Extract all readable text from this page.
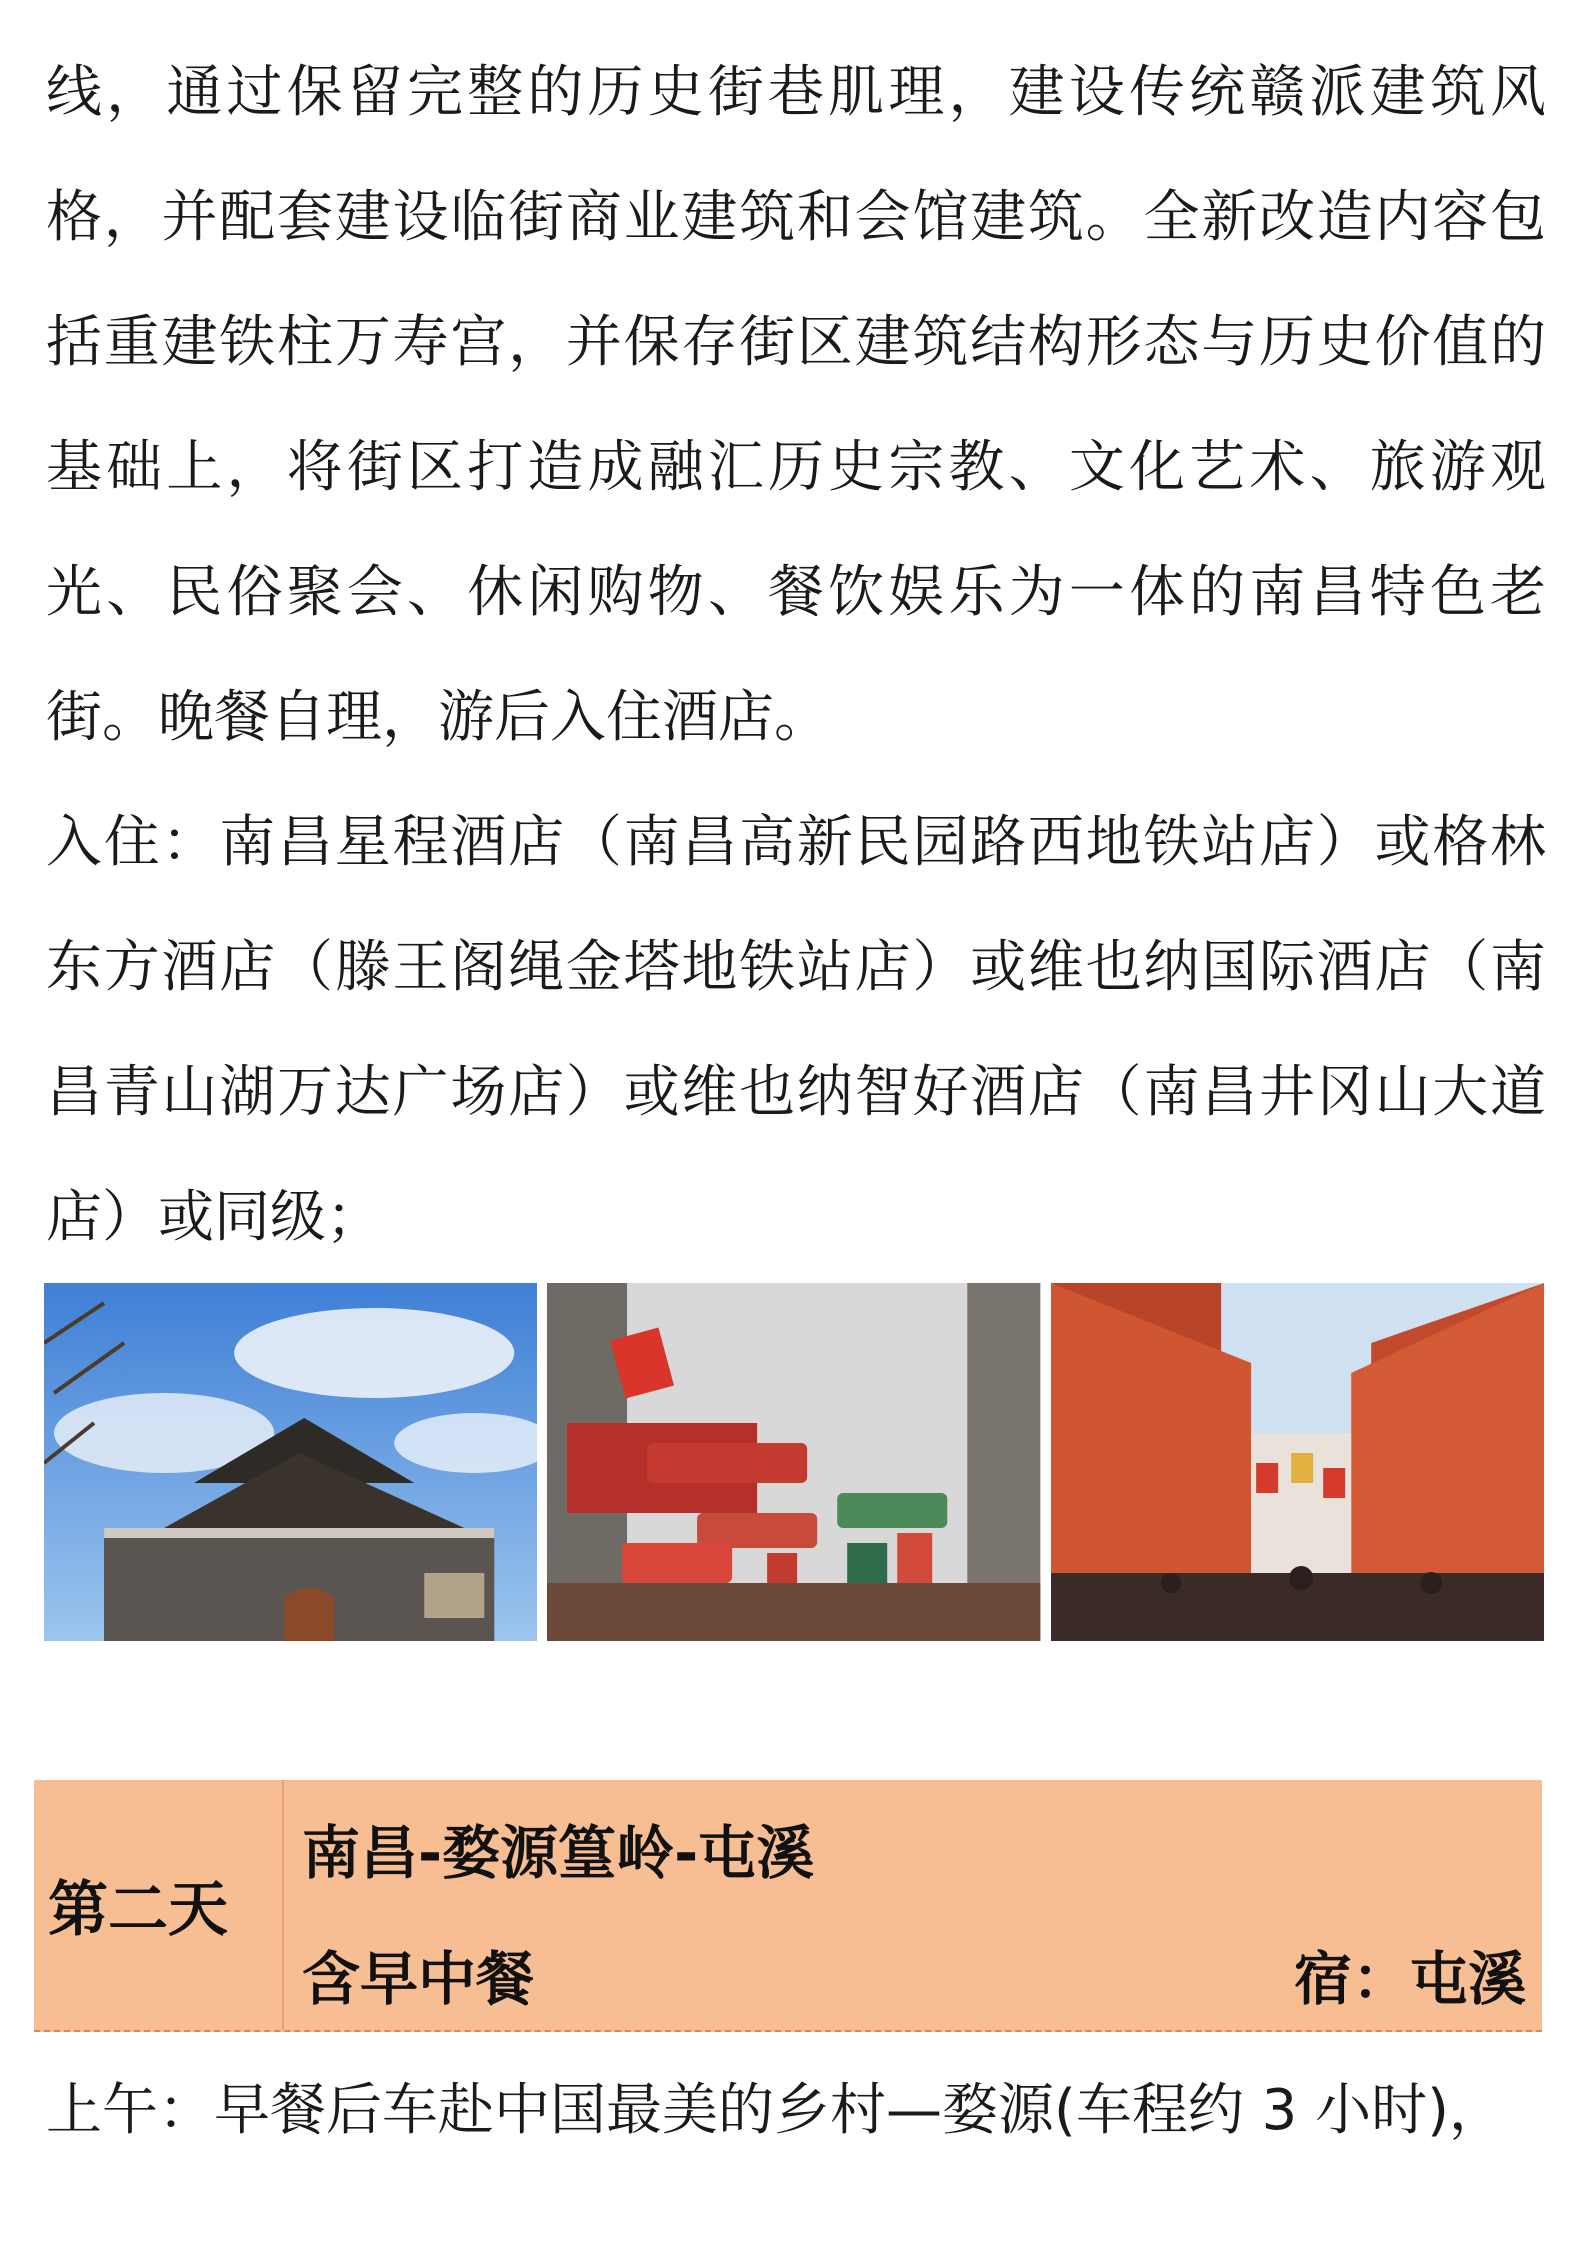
线，通过保留完整的历史街巷肌理，建设传统赣派建筑风格，并配套建设临街商业建筑和会馆建筑。全新改造内容包括重建铁柱万寿宫，并保存街区建筑结构形态与历史价值的基础上，将街区打造成融汇历史宗教、文化艺术、旅游观光、民俗聚会、休闲购物、餐饮娱乐为一体的南昌特色老街。晚餐自理，游后入住酒店。

入住：南昌星程酒店（南昌高新民园路西地铁站店）或格林东方酒店（滕王阁绳金塔地铁站店）或维也纳国际酒店（南昌青山湖万达广场店）或维也纳智好酒店（南昌井冈山大道店）或同级；

第二天
南昌-婺源篁岭-屯溪
含早中餐	宿：屯溪
上午：早餐后车赴中国最美的乡村—婺源(车程约 3 小时)，
